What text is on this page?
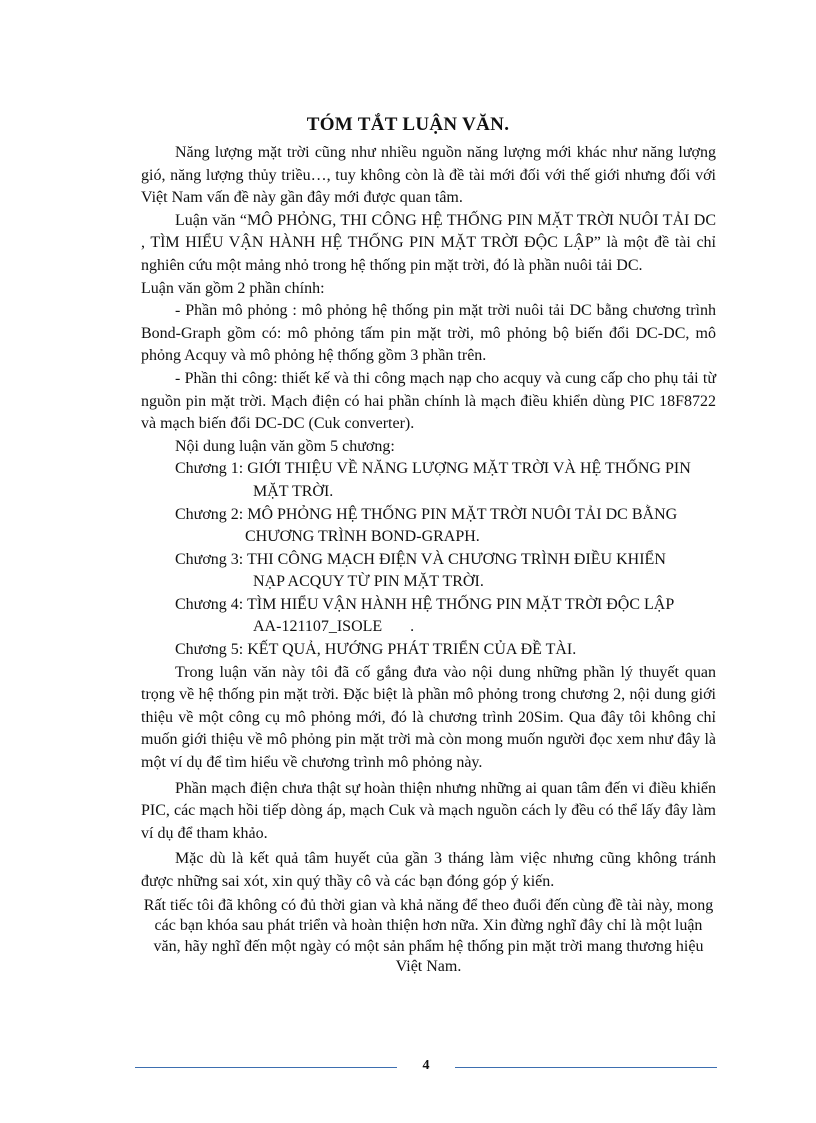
TÓM TẮT LUẬN VĂN.

Năng lượng mặt trời cũng như nhiều nguồn năng lượng mới khác như năng lượng gió, năng lượng thủy triều…, tuy không còn là đề tài mới đối với thế giới nhưng đối với Việt Nam vấn đề này gần đây mới được quan tâm.

Luận văn “MÔ PHỎNG, THI CÔNG HỆ THỐNG PIN MẶT TRỜI NUÔI TẢI DC , TÌM HIỂU VẬN HÀNH HỆ THỐNG PIN MẶT TRỜI ĐỘC LẬP” là một đề tài chỉ nghiên cứu một mảng nhỏ trong hệ thống pin mặt trời, đó là phần nuôi tải DC.

Luận văn gồm 2 phần chính:

- Phần mô phỏng : mô phỏng hệ thống pin mặt trời nuôi tải DC bằng chương trình Bond-Graph gồm có: mô phỏng tấm pin mặt trời, mô phỏng bộ biến đổi DC-DC, mô phỏng Acquy và mô phỏng hệ thống gồm 3 phần trên.

- Phần thi công: thiết kế và thi công mạch nạp cho acquy và cung cấp cho phụ tải từ nguồn pin mặt trời. Mạch điện có hai phần chính là mạch điều khiển dùng PIC 18F8722 và mạch biến đổi DC-DC (Cuk converter).

Nội dung luận văn gồm 5 chương:

Chương 1: GIỚI THIỆU VỀ NĂNG LƯỢNG MẶT TRỜI VÀ HỆ THỐNG PIN
MẶT TRỜI.
Chương 2: MÔ PHỎNG HỆ THỐNG PIN MẶT TRỜI NUÔI TẢI DC BẰNG
CHƯƠNG TRÌNH BOND-GRAPH.
Chương 3: THI CÔNG MẠCH ĐIỆN VÀ CHƯƠNG TRÌNH ĐIỀU KHIỂN
NẠP ACQUY TỪ PIN MẶT TRỜI.
Chương 4: TÌM HIỂU VẬN HÀNH HỆ THỐNG PIN MẶT TRỜI ĐỘC LẬP
AA-121107_ISOLE       .
Chương 5: KẾT QUẢ, HƯỚNG PHÁT TRIỂN CỦA ĐỀ TÀI.

Trong luận văn này tôi đã cố gắng đưa vào nội dung những phần lý thuyết quan trọng về hệ thống pin mặt trời. Đặc biệt là phần mô phỏng trong chương 2, nội dung giới thiệu về một công cụ mô phỏng mới, đó là chương trình 20Sim. Qua đây tôi không chỉ muốn giới thiệu về mô phỏng pin mặt trời mà còn mong muốn người đọc xem như đây là một ví dụ để tìm hiểu về chương trình mô phỏng này.

Phần mạch điện chưa thật sự hoàn thiện nhưng những ai quan tâm đến vi điều khiển PIC, các mạch hồi tiếp dòng áp, mạch Cuk và mạch nguồn cách ly đều có thể lấy đây làm ví dụ để tham khảo.

Mặc dù là kết quả tâm huyết của gần 3 tháng làm việc nhưng cũng không tránh được những sai xót, xin quý thầy cô và các bạn đóng góp ý kiến.

Rất tiếc tôi đã không có đủ thời gian và khả năng để theo đuổi đến cùng đề tài này, mong các bạn khóa sau phát triển và hoàn thiện hơn nữa. Xin đừng nghĩ đây chỉ là một luận văn, hãy nghĩ đến một ngày có một sản phẩm hệ thống pin mặt trời mang thương hiệu Việt Nam.

4
